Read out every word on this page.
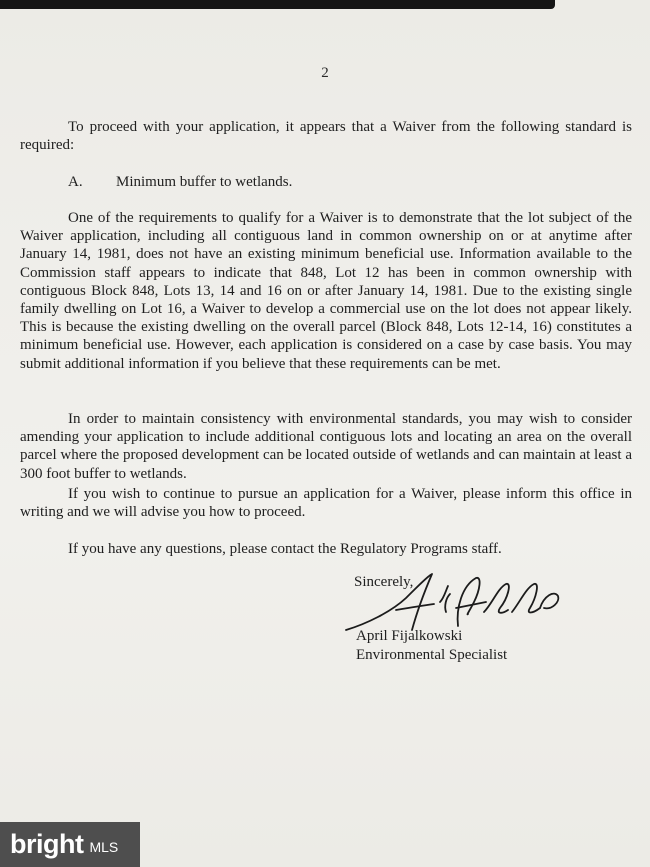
2

To proceed with your application, it appears that a Waiver from the following standard is required:

A. Minimum buffer to wetlands.

One of the requirements to qualify for a Waiver is to demonstrate that the lot subject of the Waiver application, including all contiguous land in common ownership on or at anytime after January 14, 1981, does not have an existing minimum beneficial use. Information available to the Commission staff appears to indicate that 848, Lot 12 has been in common ownership with contiguous Block 848, Lots 13, 14 and 16 on or after January 14, 1981. Due to the existing single family dwelling on Lot 16, a Waiver to develop a commercial use on the lot does not appear likely. This is because the existing dwelling on the overall parcel (Block 848, Lots 12-14, 16) constitutes a minimum beneficial use. However, each application is considered on a case by case basis. You may submit additional information if you believe that these requirements can be met.

In order to maintain consistency with environmental standards, you may wish to consider amending your application to include additional contiguous lots and locating an area on the overall parcel where the proposed development can be located outside of wetlands and can maintain at least a 300 foot buffer to wetlands.

If you wish to continue to pursue an application for a Waiver, please inform this office in writing and we will advise you how to proceed.

If you have any questions, please contact the Regulatory Programs staff.

Sincerely,
April Fijalkowski
Environmental Specialist
bright MLS
